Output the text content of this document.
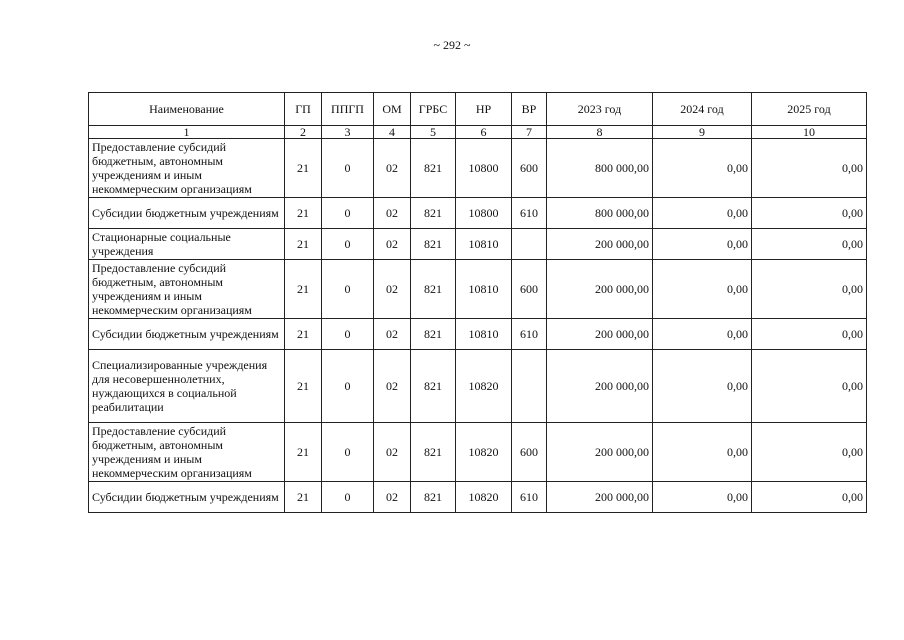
~ 292 ~
Наименование	ГП	ППГП	ОМ	ГРБС	НР	ВР	2023 год	2024 год	2025 год
1	2	3	4	5	6	7	8	9	10
Предоставление субсидий бюджетным, автономным учреждениям и иным некоммерческим организациям	21	0	02	821	10800	600	800 000,00	0,00	0,00
Субсидии бюджетным учреждениям	21	0	02	821	10800	610	800 000,00	0,00	0,00
Стационарные социальные учреждения	21	0	02	821	10810		200 000,00	0,00	0,00
Предоставление субсидий бюджетным, автономным учреждениям и иным некоммерческим организациям	21	0	02	821	10810	600	200 000,00	0,00	0,00
Субсидии бюджетным учреждениям	21	0	02	821	10810	610	200 000,00	0,00	0,00
Специализированные учреждения для несовершеннолетних, нуждающихся в социальной реабилитации	21	0	02	821	10820		200 000,00	0,00	0,00
Предоставление субсидий бюджетным, автономным учреждениям и иным некоммерческим организациям	21	0	02	821	10820	600	200 000,00	0,00	0,00
Субсидии бюджетным учреждениям	21	0	02	821	10820	610	200 000,00	0,00	0,00
